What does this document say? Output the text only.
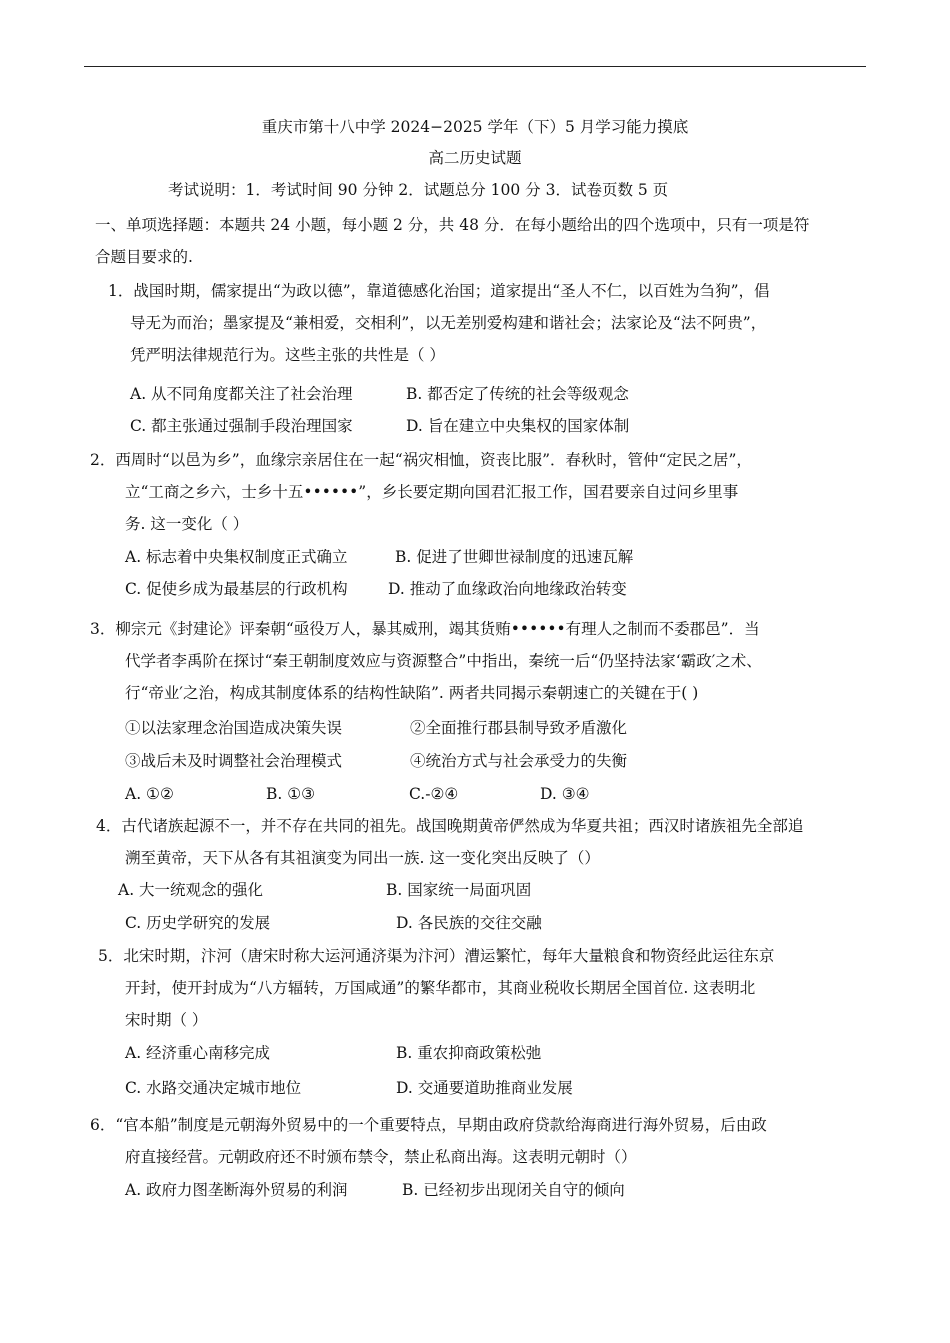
重庆市第十八中学 2024−2025 学年（下）5 月学习能力摸底
高二历史试题
考试说明：1．考试时间 90 分钟 2．试题总分 100 分 3．试卷页数 5 页
一、单项选择题：本题共 24 小题，每小题 2 分，共 48 分．在每小题给出的四个选项中，只有一项是符
合题目要求的.
1．战国时期，儒家提出“为政以德”，靠道德感化治国；道家提出“圣人不仁，以百姓为刍狗”，倡
导无为而治；墨家提及“兼相爱，交相利”，以无差别爱构建和谐社会；法家论及“法不阿贵”，
凭严明法律规范行为。这些主张的共性是（ ）
A. 从不同角度都关注了社会治理	B. 都否定了传统的社会等级观念
C. 都主张通过强制手段治理国家	D. 旨在建立中央集权的国家体制
2．西周时“以邑为乡”，血缘宗亲居住在一起“祸灾相恤，资丧比服”．春秋时，管仲“定民之居”，
立“工商之乡六，士乡十五••••••”，乡长要定期向国君汇报工作，国君要亲自过问乡里事
务. 这一变化（ ）
A. 标志着中央集权制度正式确立	B. 促进了世卿世禄制度的迅速瓦解
C. 促使乡成为最基层的行政机构	D. 推动了血缘政治向地缘政治转变
3．柳宗元《封建论》评秦朝“亟役万人，暴其威刑，竭其货贿••••••有理人之制而不委郡邑”．当
代学者李禹阶在探讨“秦王朝制度效应与资源整合”中指出，秦统一后“仍坚持法家‘霸政′之术、
行“帝业′之治，构成其制度体系的结构性缺陷”. 两者共同揭示秦朝速亡的关键在于( )
①以法家理念治国造成决策失误	②全面推行郡县制导致矛盾激化
③战后未及时调整社会治理模式	④统治方式与社会承受力的失衡
A. ①②	B. ①③	C.-②④	D. ③④
4．古代诸族起源不一，并不存在共同的祖先。战国晚期黄帝俨然成为华夏共祖；西汉时诸族祖先全部追
溯至黄帝，天下从各有其祖演变为同出一族. 这一变化突出反映了（）
A. 大一统观念的强化	B. 国家统一局面巩固
C. 历史学研究的发展	D. 各民族的交往交融
5．北宋时期，汴河（唐宋时称大运河通济渠为汴河）漕运繁忙，每年大量粮食和物资经此运往东京
开封，使开封成为“八方辐转，万国咸通”的繁华都市，其商业税收长期居全国首位. 这表明北
宋时期（ ）
A. 经济重心南移完成	B. 重农抑商政策松弛
C. 水路交通决定城市地位	D. 交通要道助推商业发展
6．“官本船”制度是元朝海外贸易中的一个重要特点，早期由政府贷款给海商进行海外贸易，后由政
府直接经营。元朝政府还不时颁布禁令，禁止私商出海。这表明元朝时（）
A. 政府力图垄断海外贸易的利润	B. 已经初步出现闭关自守的倾向
